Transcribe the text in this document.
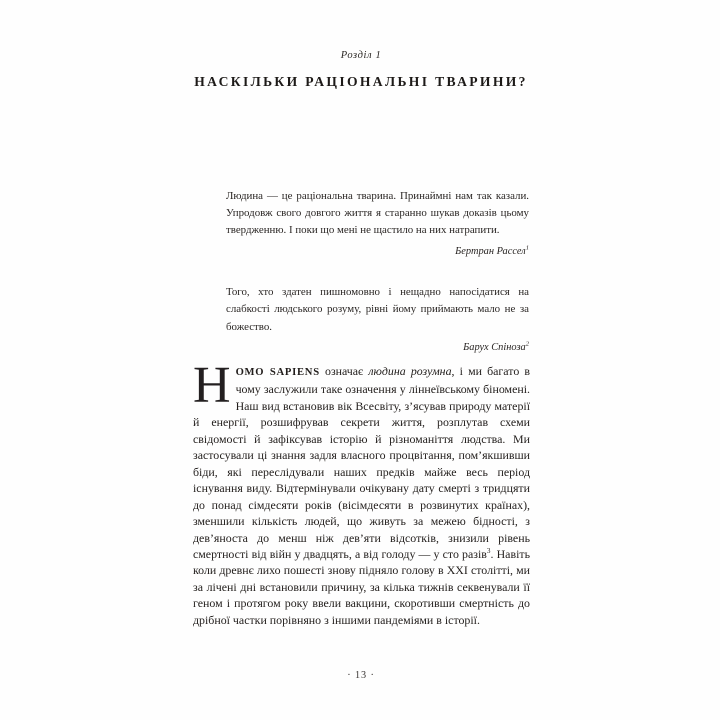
Розділ 1
НАСКІЛЬКИ РАЦІОНАЛЬНІ ТВАРИНИ?
Людина — це раціональна тварина. Принаймні нам так казали. Упродовж свого довгого життя я старанно шукав доказів цьому твердженню. І поки що мені не щастило на них натрапити.
Бертран Рассел$^1$
Того, хто здатен пишномовно і нещадно напосідатися на слабкості людського розуму, рівні йому приймають мало не за божество.
Барух Спіноза$^2$
H OMO SAPIENS означає людина розумна, і ми багато в чому заслужили таке означення у ліннеївському біномені. Наш вид встановив вік Всесвіту, з’ясував природу матерії й енергії, розшифрував секрети життя, розплутав схеми свідомості й зафіксував історію й різноманіття людства. Ми застосували ці знання задля власного процвітання, пом’якшивши біди, які переслідували наших предків майже весь період існування виду. Відтермінували очікувану дату смерті з тридцяти до понад сімдесяти років (вісімдесяти в розвинутих країнах), зменшили кількість людей, що живуть за межею бідності, з дев’яноста до менш ніж дев’яти відсотків, знизили рівень смертності від війн у двадцять, а від голоду — у сто разів$^3$. Навіть коли древнє лихо пошесті знову підняло голову в XXI столітті, ми за лічені дні встановили причину, за кілька тижнів секвенували її геном і протягом року ввели вакцини, скоротивши смертність до дрібної частки порівняно з іншими пандеміями в історії.
· 13 ·
